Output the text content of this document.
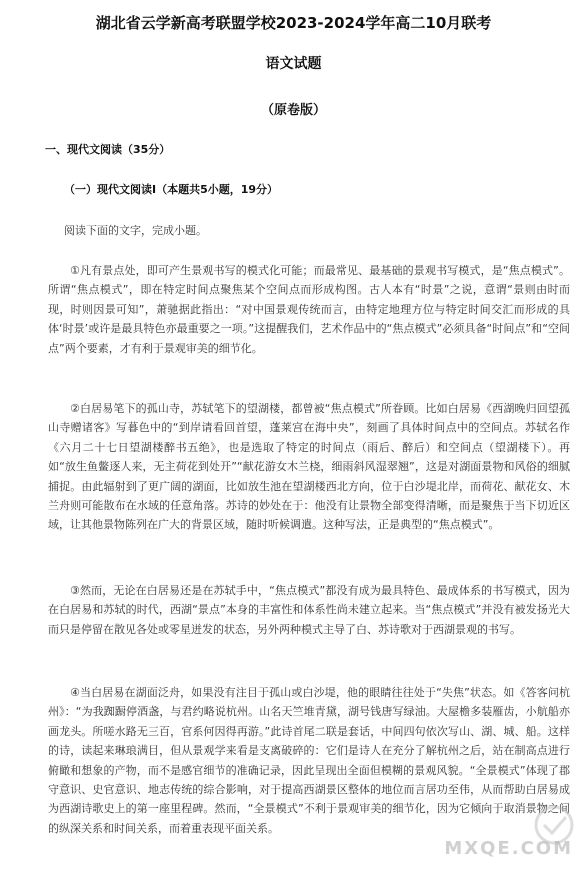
湖北省云学新高考联盟学校2023-2024学年高二10月联考
语文试题
（原卷版）
一、现代文阅读（35分）
（一）现代文阅读Ⅰ（本题共5小题，19分）
阅读下面的文字，完成小题。

①凡有景点处，即可产生景观书写的模式化可能；而最常见、最基础的景观书写模式，是“焦点模式”。所谓“焦点模式”，即在特定时间点聚焦某个空间点而形成构图。古人本有“时景”之说，意谓“景则由时而现，时则因景可知”，萧驰据此指出：“对中国景观传统而言，由特定地理方位与特定时间交汇而形成的具体‘时景’或许是最具特色亦最重要之一项。”这提醒我们，艺术作品中的“焦点模式”必须具备“时间点”和“空间点”两个要素，才有利于景观审美的细节化。

②白居易笔下的孤山寺，苏轼笔下的望湖楼，都曾被“焦点模式”所眷顾。比如白居易《西湖晚归回望孤山寺赠诸客》写暮色中的“到岸请看回首望，蓬莱宫在海中央”，刻画了具体时间点中的空间点。苏轼名作《六月二十七日望湖楼醉书五绝》，也是选取了特定的时间点（雨后、醉后）和空间点（望湖楼下）。再如“放生鱼鳖逐人来，无主荷花到处开”“献花游女木兰桡，细雨斜风湿翠翘”，这是对湖面景物和风俗的细腻捕捉。由此辐射到了更广阔的湖面，比如放生池在望湖楼西北方向，位于白沙堤北岸，而荷花、献花女、木兰舟则可能散布在水域的任意角落。苏诗的妙处在于：他没有让景物全部变得清晰，而是聚焦于当下切近区域，让其他景物陈列在广大的背景区域，随时听候调遣。这种写法，正是典型的“焦点模式”。

③然而，无论在白居易还是在苏轼手中，“焦点模式”都没有成为最具特色、最成体系的书写模式，因为在白居易和苏轼的时代，西湖“景点”本身的丰富性和体系性尚未建立起来。当“焦点模式”并没有被发扬光大而只是停留在散见各处或零星迸发的状态，另外两种模式主导了白、苏诗歌对于西湖景观的书写。

④当白居易在湖面泛舟，如果没有注目于孤山或白沙堤，他的眼睛往往处于“失焦”状态。如《答客问杭州》：“为我踟蹰停酒盏，与君约略说杭州。山名天竺堆青黛，湖号钱唐写绿油。大屋檐多装雁齿，小航船亦画龙头。所嗟水路无三百，官系何因得再游。”此诗首尾二联是套话，中间四句依次写山、湖、城、船。这样的诗，读起来琳琅满目，但从景观学来看是支离破碎的：它们是诗人在充分了解杭州之后，站在制高点进行俯瞰和想象的产物，而不是感官细节的准确记录，因此呈现出全面但模糊的景观风貌。“全景模式”体现了郡守意识、史官意识、地志传统的综合影响，对于提高西湖景区整体的地位而言居功至伟，从而帮助白居易成为西湖诗歌史上的第一座里程碑。然而，“全景模式”不利于景观审美的细节化，因为它倾向于取消景物之间的纵深关系和时间关系，而着重表现平面关系。

MXQE.COM
